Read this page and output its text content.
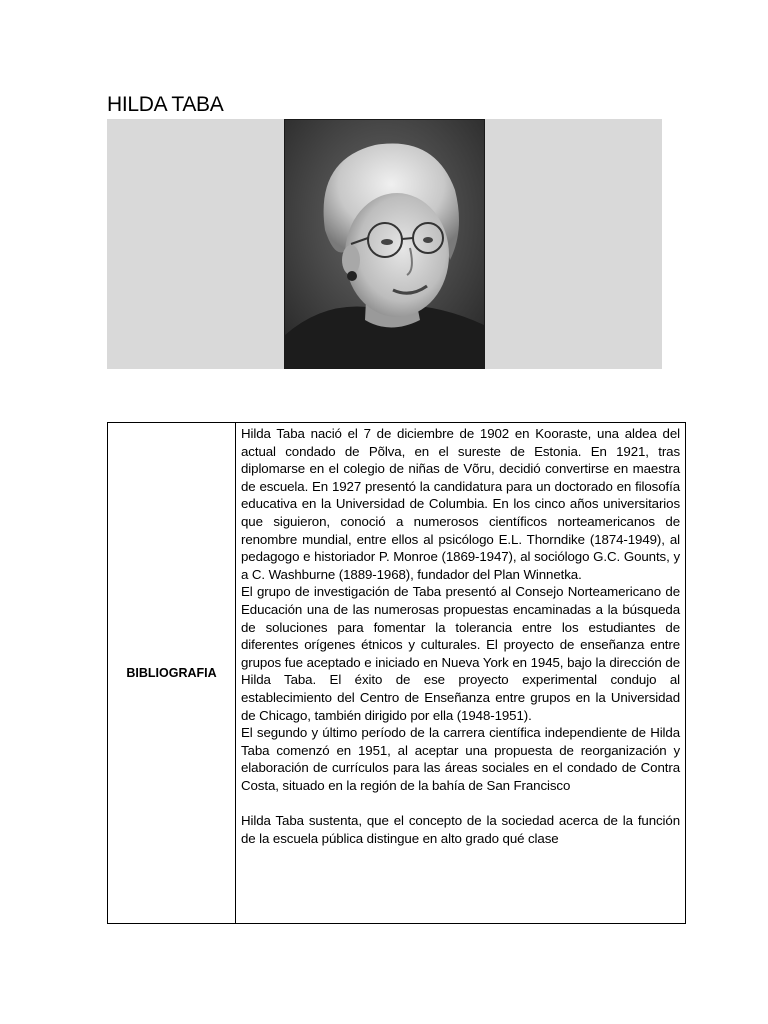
HILDA TABA
BIBLIOGRAFIA

Hilda Taba nació el 7 de diciembre de 1902 en Kooraste, una aldea del actual condado de Põlva, en el sureste de Estonia. En 1921, tras diplomarse en el colegio de niñas de Võru, decidió convertirse en maestra de escuela. En 1927 presentó la candidatura para un doctorado en filosofía educativa en la Universidad de Columbia. En los cinco años universitarios que siguieron, conoció a numerosos científicos norteamericanos de renombre mundial, entre ellos al psicólogo E.L. Thorndike (1874-1949), al pedagogo e historiador P. Monroe (1869-1947), al sociólogo G.C. Gounts, y a C. Washburne (1889-1968), fundador del Plan Winnetka.

El grupo de investigación de Taba presentó al Consejo Norteamericano de Educación una de las numerosas propuestas encaminadas a la búsqueda de soluciones para fomentar la tolerancia entre los estudiantes de diferentes orígenes étnicos y culturales. El proyecto de enseñanza entre grupos fue aceptado e iniciado en Nueva York en 1945, bajo la dirección de Hilda Taba. El éxito de ese proyecto experimental condujo al establecimiento del Centro de Enseñanza entre grupos en la Universidad de Chicago, también dirigido por ella (1948-1951).

El segundo y último período de la carrera científica independiente de Hilda Taba comenzó en 1951, al aceptar una propuesta de reorganización y elaboración de currículos para las áreas sociales en el condado de Contra Costa, situado en la región de la bahía de San Francisco

Hilda Taba sustenta, que el concepto de la sociedad acerca de la función de la escuela pública distingue en alto grado qué clase
